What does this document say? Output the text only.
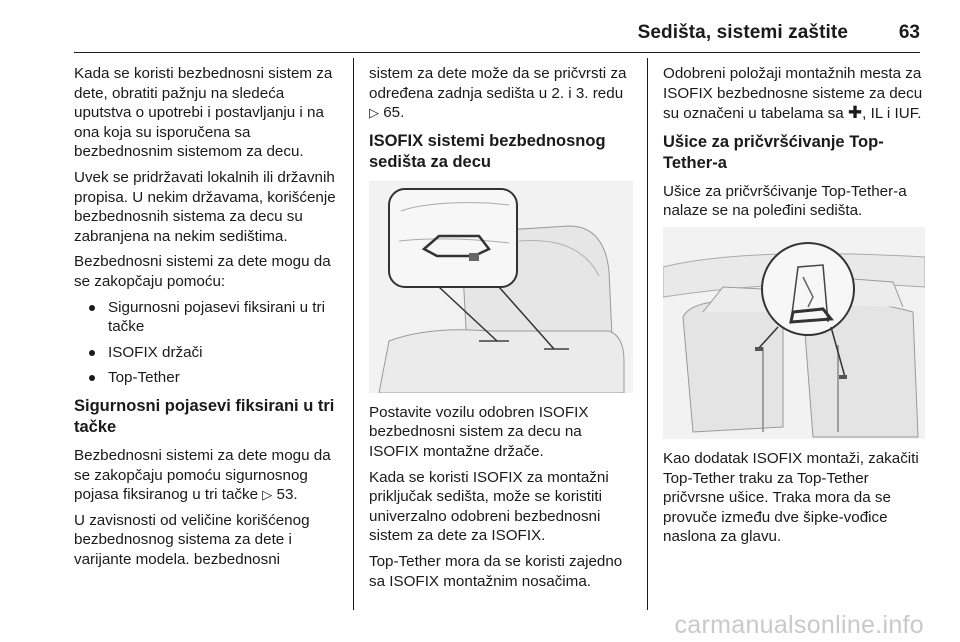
Sedišta, sistemi zaštite	63

Kada se koristi bezbednosni sistem za dete, obratiti pažnju na sledeća uputstva o upotrebi i postavljanju i na ona koja su isporučena sa bezbednosnim sistemom za decu.

Uvek se pridržavati lokalnih ili državnih propisa. U nekim državama, korišćenje bezbednosnih sistema za decu su zabranjena na nekim sedištima.

Bezbednosni sistemi za dete mogu da se zakopčaju pomoću:

Sigurnosni pojasevi fiksirani u tri tačke
ISOFIX držači
Top-Tether
Sigurnosni pojasevi fiksirani u tri tačke

Bezbednosni sistemi za dete mogu da se zakopčaju pomoću sigurnosnog pojasa fiksiranog u tri tačke ▷ 53.

U zavisnosti od veličine korišćenog bezbednosnog sistema za dete i varijante modela. bezbednosni

sistem za dete može da se pričvrsti za određena zadnja sedišta u 2. i 3. redu ▷ 65.

ISOFIX sistemi bezbednosnog sedišta za decu

Postavite vozilu odobren ISOFIX bezbednosni sistem za decu na ISOFIX montažne držače.

Kada se koristi ISOFIX za montažni priključak sedišta, može se koristiti univerzalno odobreni bezbednosni sistem za dete za ISOFIX.

Top-Tether mora da se koristi zajedno sa ISOFIX montažnim nosačima.

Odobreni položaji montažnih mesta za ISOFIX bezbednosne sisteme za decu su označeni u tabelama sa ✚, IL i IUF.

Ušice za pričvršćivanje Top-Tether-a

Ušice za pričvršćivanje Top-Tether-a nalaze se na poleđini sedišta.

Kao dodatak ISOFIX montaži, zakačiti Top-Tether traku za Top-Tether pričvrsne ušice. Traka mora da se provuče između dve šipke-vođice naslona za glavu.

carmanualsonline.info
